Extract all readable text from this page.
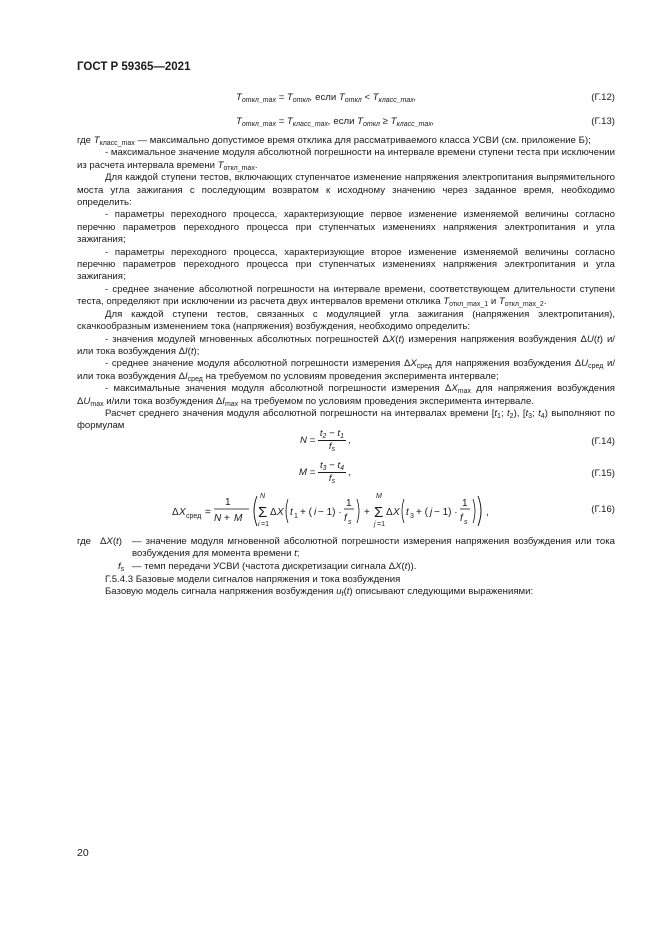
ГОСТ Р 59365—2021
$T_{откл\_max} = T_{откл}$, если $T_{откл} < T_{класс\_max}$,	(Г.12)
$T_{откл\_max} = T_{класс\_max}$, если $T_{откл} \ge T_{класс\_max}$,	(Г.13)

где $T_{класс\_max}$ — максимально допустимое время отклика для рассматриваемого класса УСВИ (см. приложение Б);

- максимальное значение модуля абсолютной погрешности на интервале времени ступени теста при исключении из расчета интервала времени $T_{откл\_max}$.

Для каждой ступени тестов, включающих ступенчатое изменение напряжения электропитания выпрямительного моста угла зажигания с последующим возвратом к исходному значению через заданное время, необходимо определить:

- параметры переходного процесса, характеризующие первое изменение изменяемой величины согласно перечню параметров переходного процесса при ступенчатых изменениях напряжения электропитания и угла зажигания;

- параметры переходного процесса, характеризующие второе изменение изменяемой величины согласно перечню параметров переходного процесса при ступенчатых изменениях напряжения электропитания и угла зажигания;

- среднее значение абсолютной погрешности на интервале времени, соответствующем длительности ступени теста, определяют при исключении из расчета двух интервалов времени отклика $T_{откл\_max\_1}$ и $T_{откл\_max\_2}$.

Для каждой ступени тестов, связанных с модуляцией угла зажигания (напряжения электропитания), скачкообразным изменением тока (напряжения) возбуждения, необходимо определить:

- значения модулей мгновенных абсолютных погрешностей ΔX(t) измерения напряжения возбуждения ΔU(t) и/или тока возбуждения ΔI(t);

- среднее значение модуля абсолютной погрешности измерения $\Delta X_{сред}$ для напряжения возбуждения $\Delta U_{сред}$ и/или тока возбуждения $\Delta I_{сред}$ на требуемом по условиям проведения эксперимента интервале;

- максимальные значения модуля абсолютной погрешности измерения $\Delta X_{max}$ для напряжения возбуждения $\Delta U_{max}$ и/или тока возбуждения $\Delta I_{max}$ на требуемом по условиям проведения эксперимента интервале.

Расчет среднего значения модуля абсолютной погрешности на интервалах времени [$t_1$; $t_2$), [$t_3$; $t_4$) выполняют по формулам

$N = \frac{t_2 - t_1}{f_s}$ ,	(Г.14)
$M = \frac{t_3 - t_4}{f_s}$ ,	(Г.15)
Δ X сред =
1
N + M
N
Σ
i =1
Δ X t 1 + ( i − 1) ·
1
f s
+
M
Σ
j =1
Δ X t 3 + ( j − 1) ·
1
f s
,	(Г.16)
где ΔX(t) — значение модуля мгновенной абсолютной погрешности измерения напряжения возбуждения или тока возбуждения для момента времени t;

$f_s$ — темп передачи УСВИ (частота дискретизации сигнала ΔX(t)).

Г.5.4.3 Базовые модели сигналов напряжения и тока возбуждения

Базовую модель сигнала напряжения возбуждения $u_f(t)$ описывают следующими выражениями:

20
